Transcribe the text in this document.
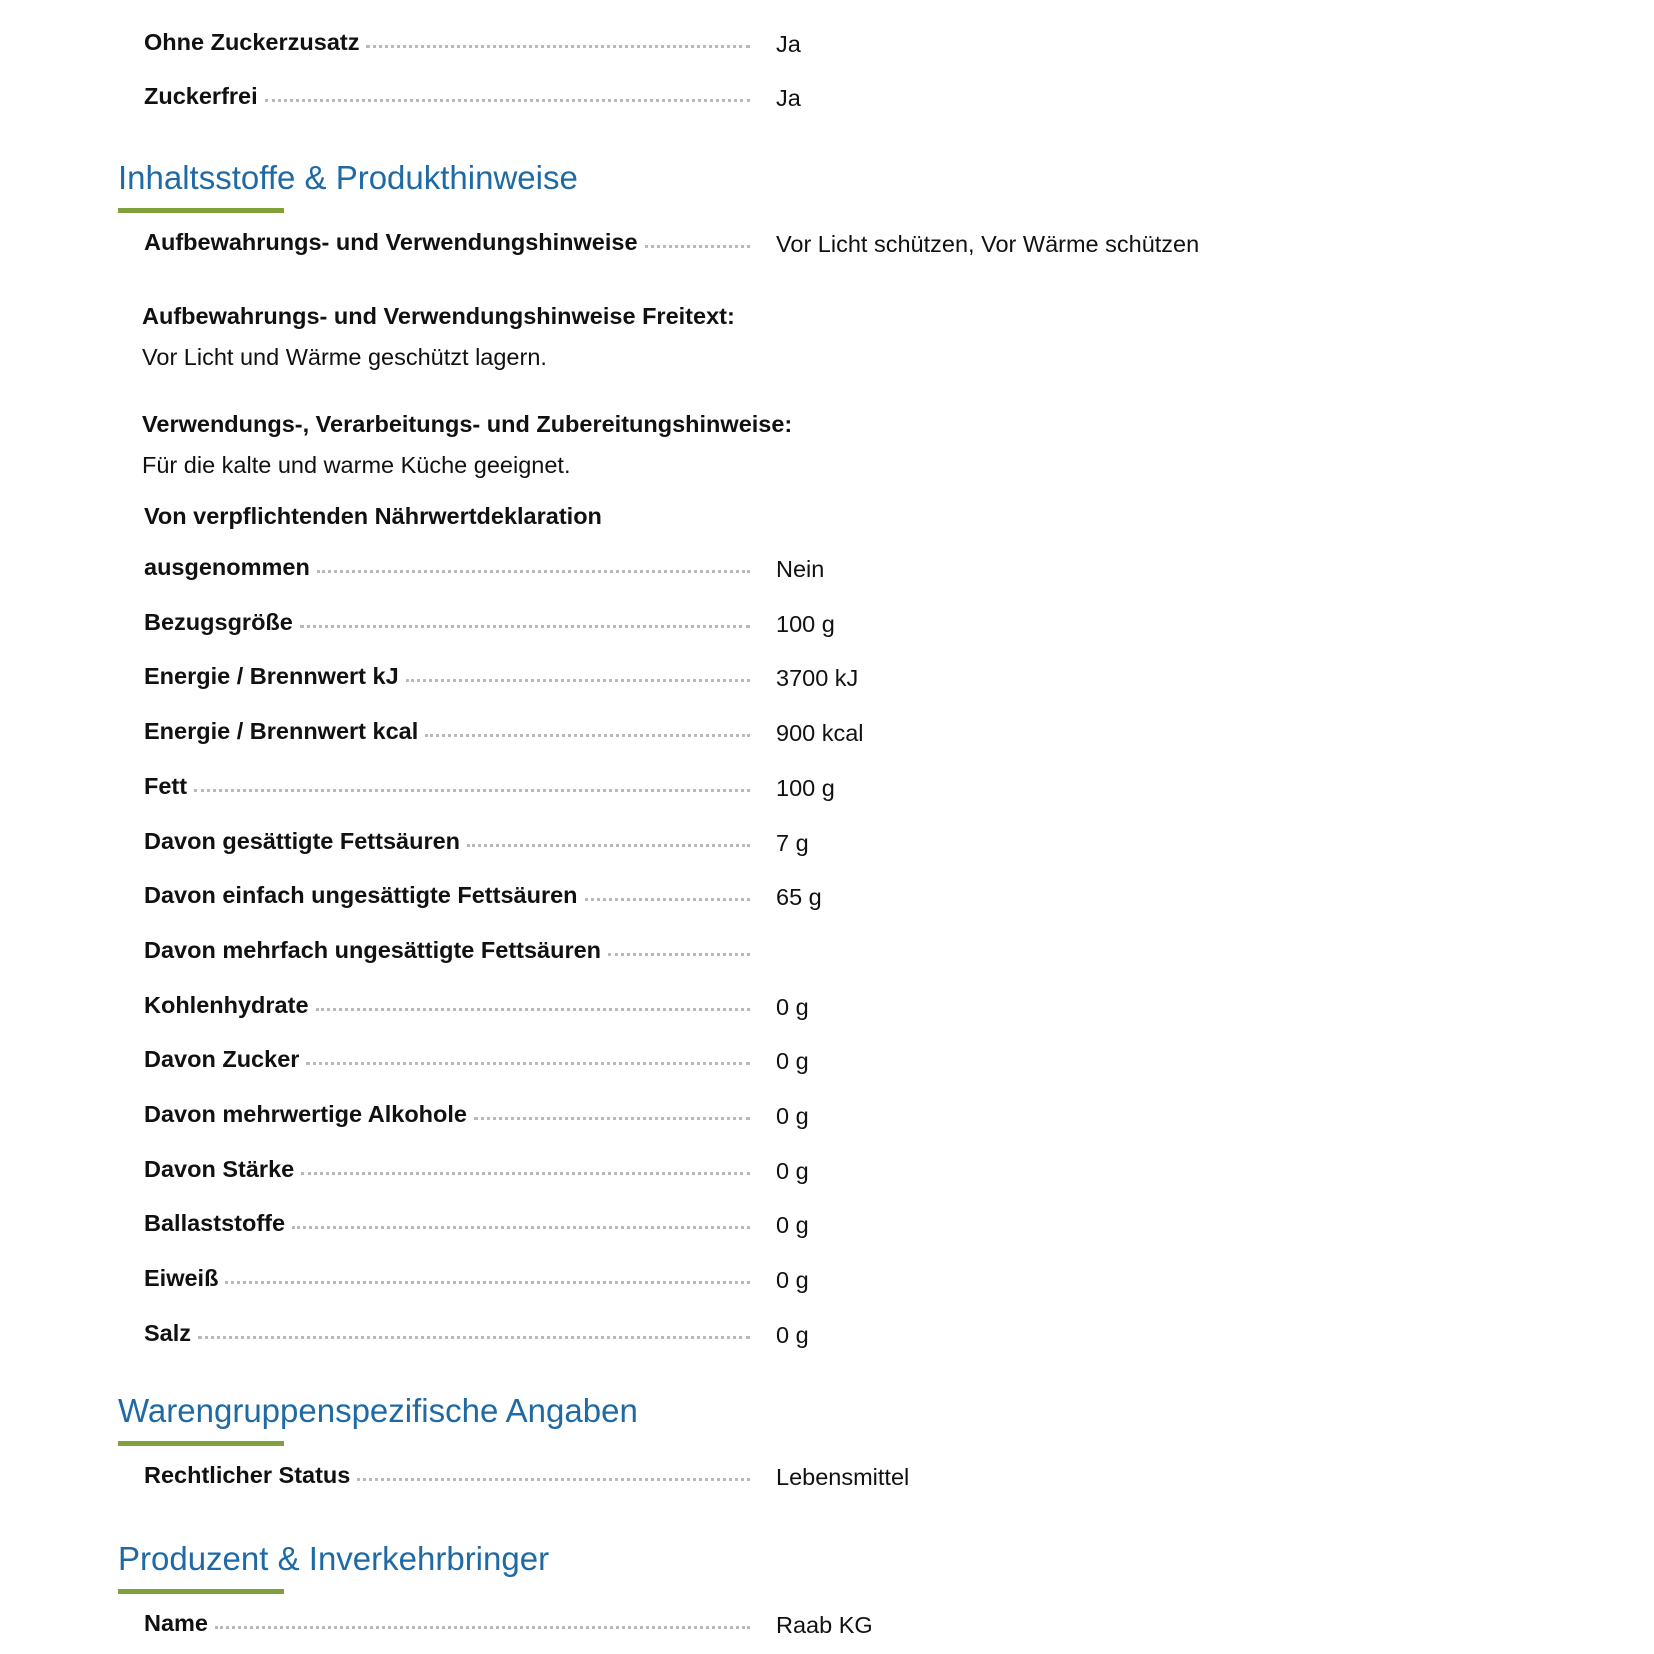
Ohne Zuckerzusatz	Ja
Zuckerfrei	Ja
Inhaltsstoffe & Produkthinweise
Aufbewahrungs- und Verwendungshinweise	Vor Licht schützen, Vor Wärme schützen
Aufbewahrungs- und Verwendungshinweise Freitext:
Vor Licht und Wärme geschützt lagern.
Verwendungs-, Verarbeitungs- und Zubereitungshinweise:
Für die kalte und warme Küche geeignet.
Von verpflichtenden Nährwertdeklaration
ausgenommen	Nein
Bezugsgröße	100 g
Energie / Brennwert kJ	3700 kJ
Energie / Brennwert kcal	900 kcal
Fett	100 g
Davon gesättigte Fettsäuren	7 g
Davon einfach ungesättigte Fettsäuren	65 g
Davon mehrfach ungesättigte Fettsäuren
Kohlenhydrate	0 g
Davon Zucker	0 g
Davon mehrwertige Alkohole	0 g
Davon Stärke	0 g
Ballaststoffe	0 g
Eiweiß	0 g
Salz	0 g
Warengruppenspezifische Angaben
Rechtlicher Status	Lebensmittel
Produzent & Inverkehrbringer
Name	Raab KG
